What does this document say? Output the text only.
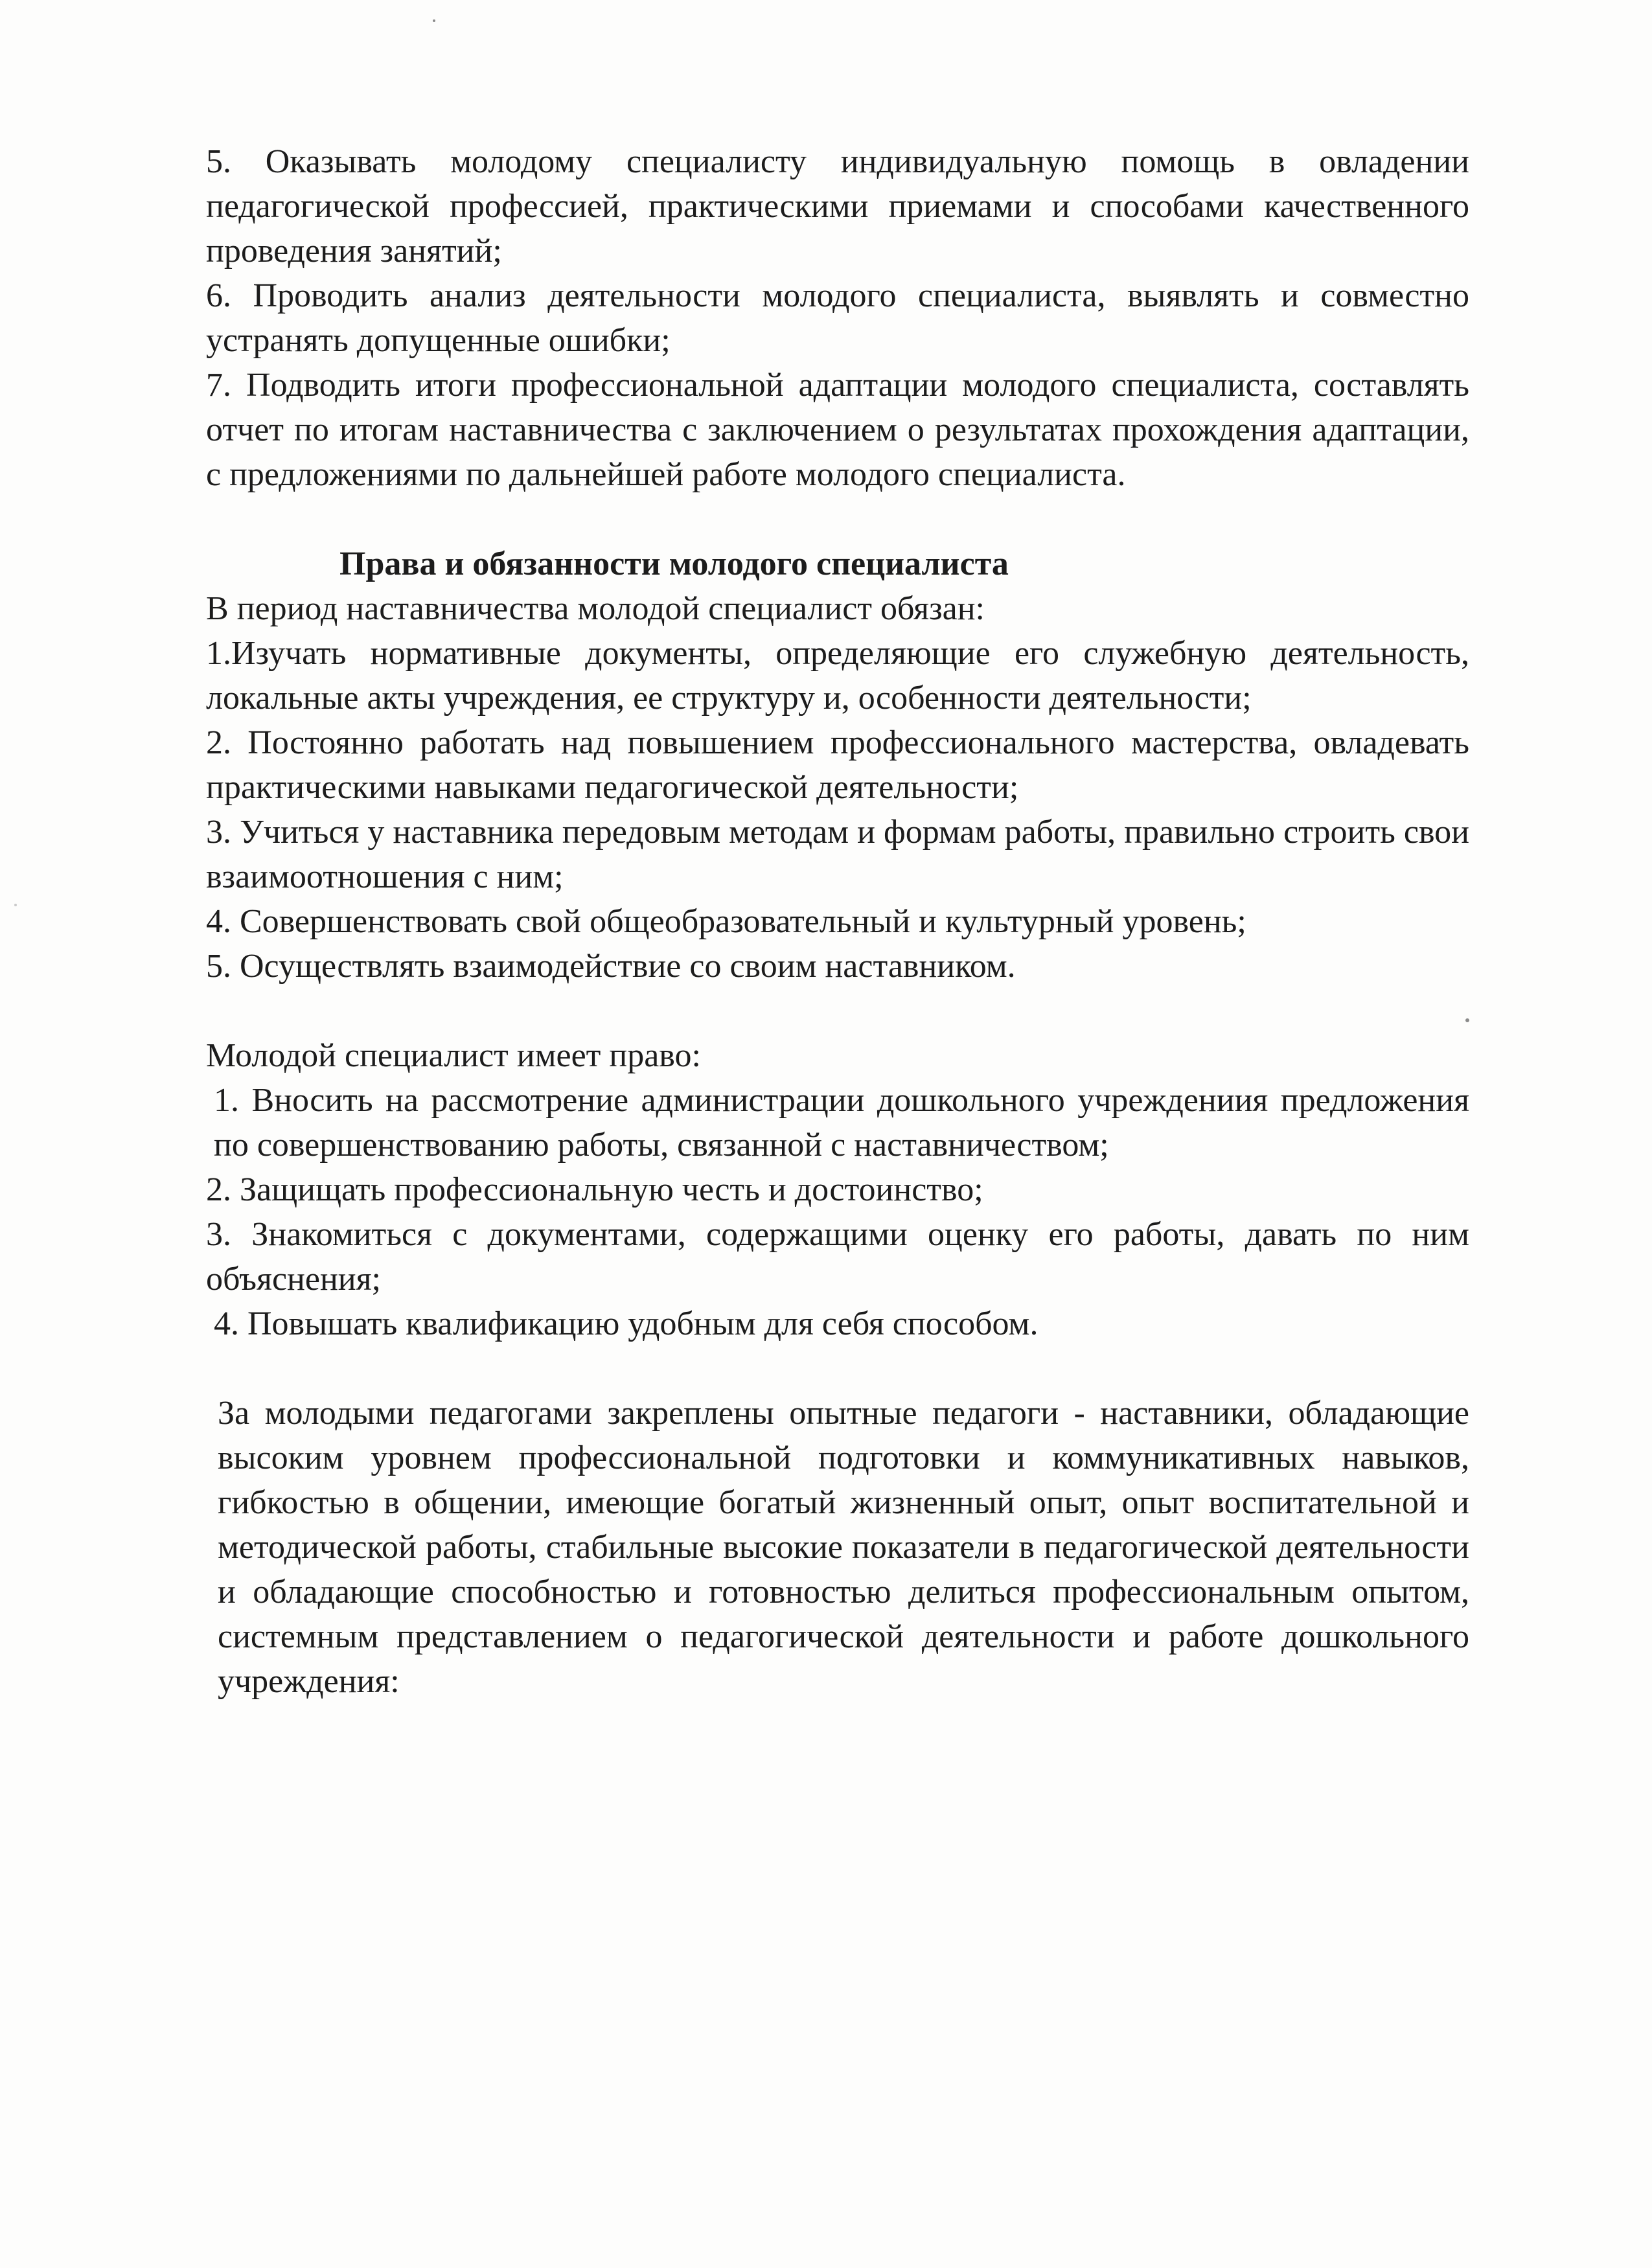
5. Оказывать молодому специалисту индивидуальную помощь в овладении педагогической профессией, практическими приемами и способами качественного проведения занятий;

6. Проводить анализ деятельности молодого специалиста, выявлять и совместно устранять допущенные ошибки;

7. Подводить итоги профессиональной адаптации молодого специалиста, составлять отчет по итогам наставничества с заключением о результатах прохождения адаптации, с предложениями по дальнейшей работе молодого специалиста.

Права и обязанности молодого специалиста

В период наставничества молодой специалист обязан:

1.Изучать нормативные документы, определяющие его служебную деятельность, локальные акты учреждения, ее структуру и, особенности деятельности;

2. Постоянно работать над повышением профессионального мастерства, овладевать практическими навыками педагогической деятельности;

3. Учиться у наставника передовым методам и формам работы, правильно строить свои взаимоотношения с ним;

4. Совершенствовать свой общеобразовательный и культурный уровень;

5. Осуществлять взаимодействие со своим наставником.

Молодой специалист имеет право:

1. Вносить на рассмотрение администрации дошкольного учреждениия предложения по совершенствованию работы, связанной с наставничеством;

2. Защищать профессиональную честь и достоинство;

3. Знакомиться с документами, содержащими оценку его работы, давать по ним объяснения;

4. Повышать квалификацию удобным для себя способом.

За молодыми педагогами закреплены опытные педагоги - наставники, обладающие высоким уровнем профессиональной подготовки и коммуникативных навыков, гибкостью в общении, имеющие богатый жизненный опыт, опыт воспитательной и методической работы, стабильные высокие показатели в педагогической деятельности и обладающие способностью и готовностью делиться профессиональным опытом, системным представлением о педагогической деятельности и работе дошкольного учреждения:
